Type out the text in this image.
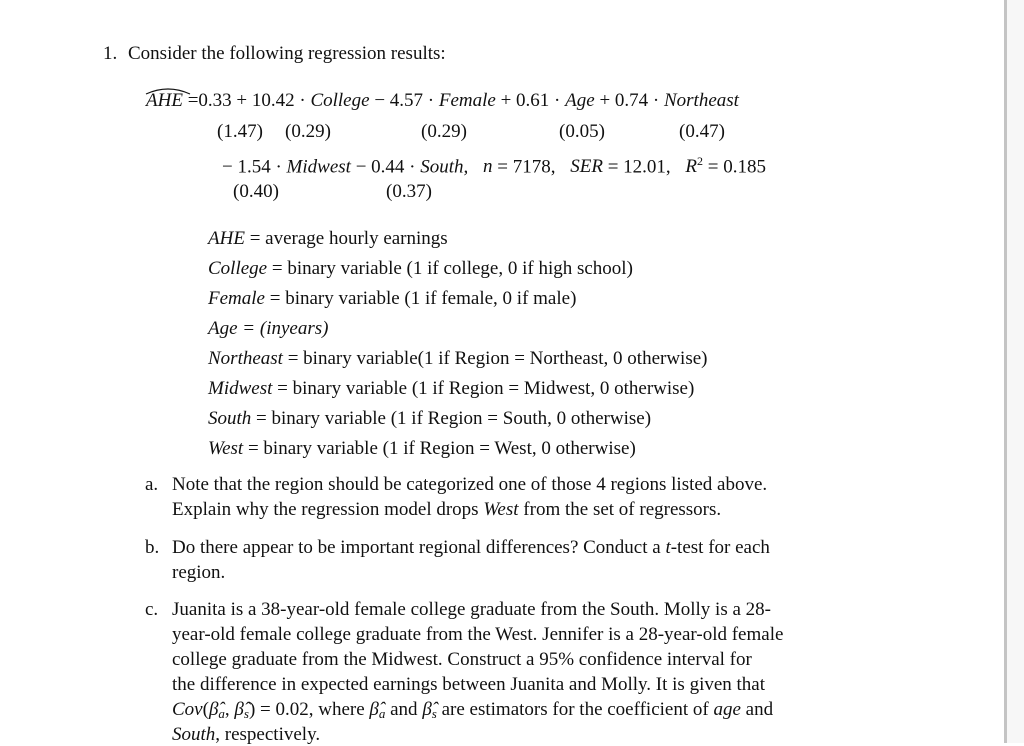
1. Consider the following regression results:
AHE =0.33 + 10.42 · College − 4.57 · Female + 0.61 · Age + 0.74 · Northeast
(1.47) (0.29)	(0.29)	(0.05)	(0.47)
− 1.54 · Midwest − 0.44 · South, n = 7178, SER = 12.01, $R^2 = 0.185$
(0.40)	(0.37)
AHE = average hourly earnings
College = binary variable (1 if college, 0 if high school)
Female = binary variable (1 if female, 0 if male)
Age = (inyears)
Northeast = binary variable(1 if Region = Northeast, 0 otherwise)
Midwest = binary variable (1 if Region = Midwest, 0 otherwise)
South = binary variable (1 if Region = South, 0 otherwise)
West = binary variable (1 if Region = West, 0 otherwise)
a. Note that the region should be categorized one of those 4 regions listed above.
Explain why the regression model drops West from the set of regressors.
b. Do there appear to be important regional differences? Conduct a t-test for each
region.
c. Juanita is a 38-year-old female college graduate from the South. Molly is a 28-
year-old female college graduate from the West. Jennifer is a 28-year-old female
college graduate from the Midwest. Construct a 95% confidence interval for
the difference in expected earnings between Juanita and Molly. It is given that
$Cov(\betâ_a$, $\betâ_s) = 0.02$, where $\betâ_a$ and $\betâ_s$ are estimators for the coefficient of age and
South, respectively.
